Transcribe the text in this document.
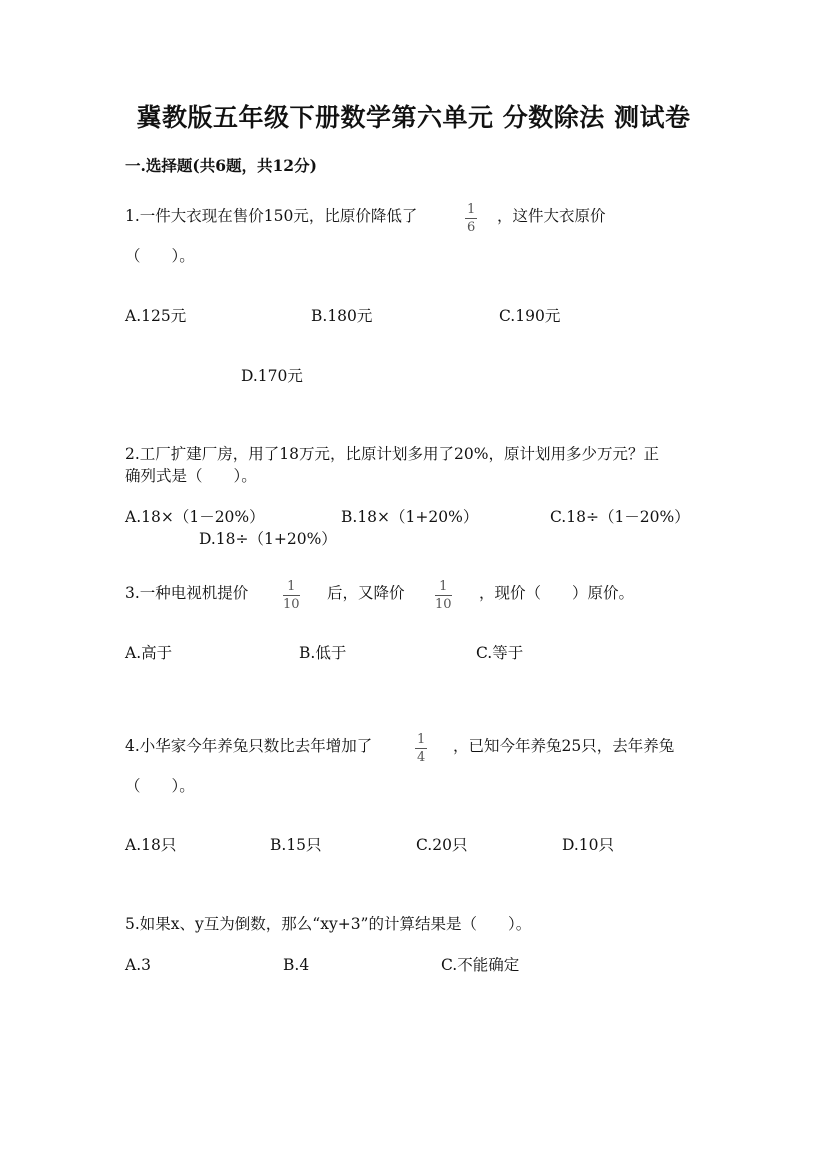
冀教版五年级下册数学第六单元 分数除法 测试卷
一.选择题(共6题，共12分)
1.一件大衣现在售价150元，比原价降低了	1
6
，这件大衣原价
（　　）。
A.125元	B.180元	C.190元
D.170元
2.工厂扩建厂房，用了18万元，比原计划多用了20%，原计划用多少万元？正
确列式是（　　）。
A.18×（1－20%）	B.18×（1+20%）	C.18÷（1－20%）
D.18÷（1+20%）
3.一种电视机提价	1
10
后，又降价	1
10
，现价（　　）原价。
A.高于	B.低于	C.等于
4.小华家今年养兔只数比去年增加了	1
4
，已知今年养兔25只，去年养兔
（　　）。
A.18只	B.15只	C.20只	D.10只
5.如果x、y互为倒数，那么“xy+3”的计算结果是（　　）。
A.3	B.4	C.不能确定
